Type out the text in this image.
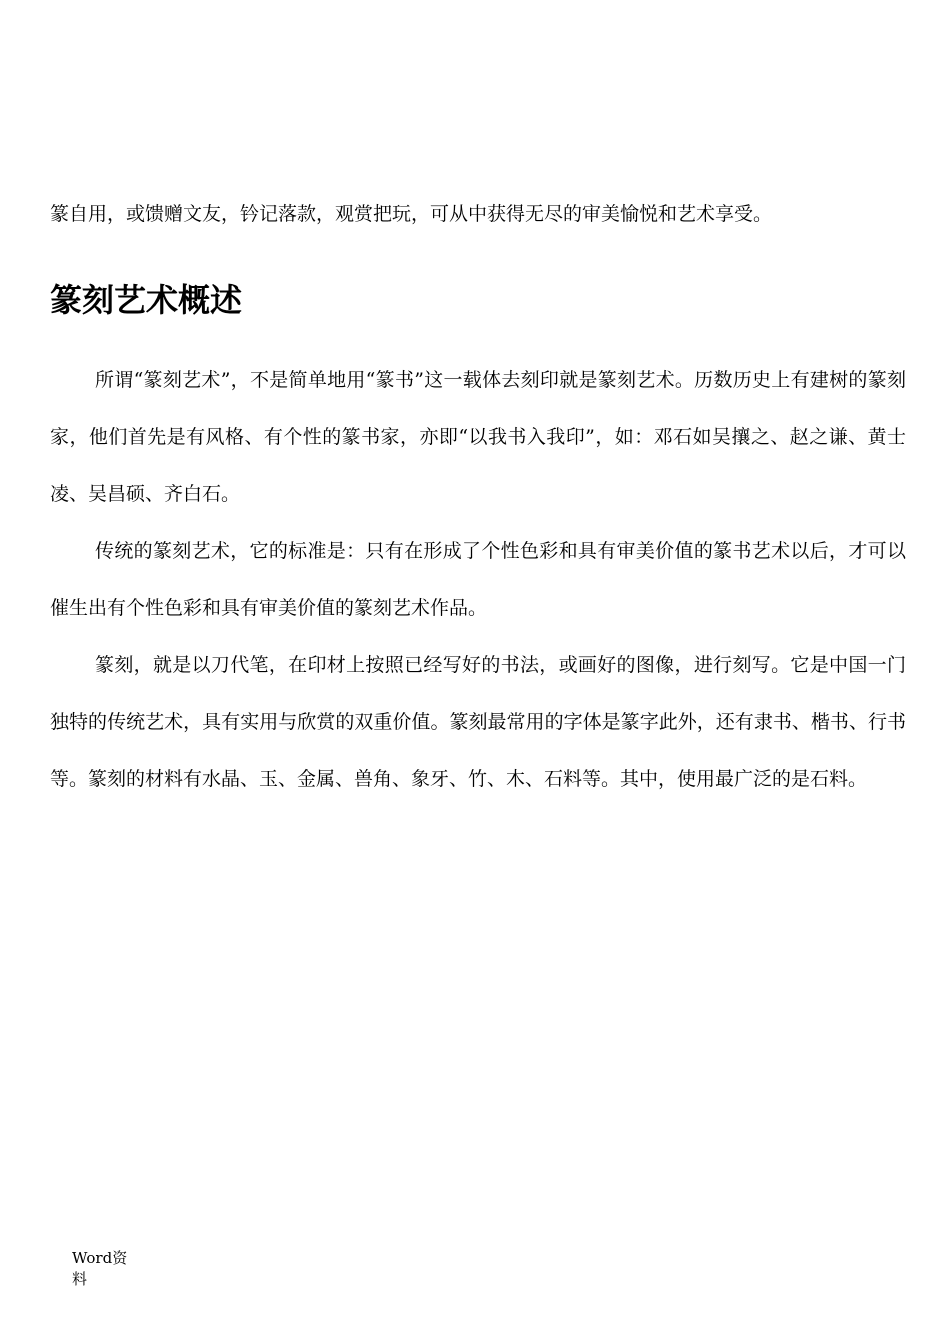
篆自用，或馈赠文友，钤记落款，观赏把玩，可从中获得无尽的审美愉悦和艺术享受。

篆刻艺术概述

所谓“篆刻艺术”，不是简单地用“篆书”这一载体去刻印就是篆刻艺术。历数历史上有建树的篆刻家，他们首先是有风格、有个性的篆书家，亦即“以我书入我印”，如：邓石如吴攘之、赵之谦、黄士凌、吴昌硕、齐白石。

传统的篆刻艺术，它的标准是：只有在形成了个性色彩和具有审美价值的篆书艺术以后，才可以催生出有个性色彩和具有审美价值的篆刻艺术作品。

篆刻，就是以刀代笔，在印材上按照已经写好的书法，或画好的图像，进行刻写。它是中国一门独特的传统艺术，具有实用与欣赏的双重价值。篆刻最常用的字体是篆字此外，还有隶书、楷书、行书等。篆刻的材料有水晶、玉、金属、兽角、象牙、竹、木、石料等。其中，使用最广泛的是石料。

Word资料
